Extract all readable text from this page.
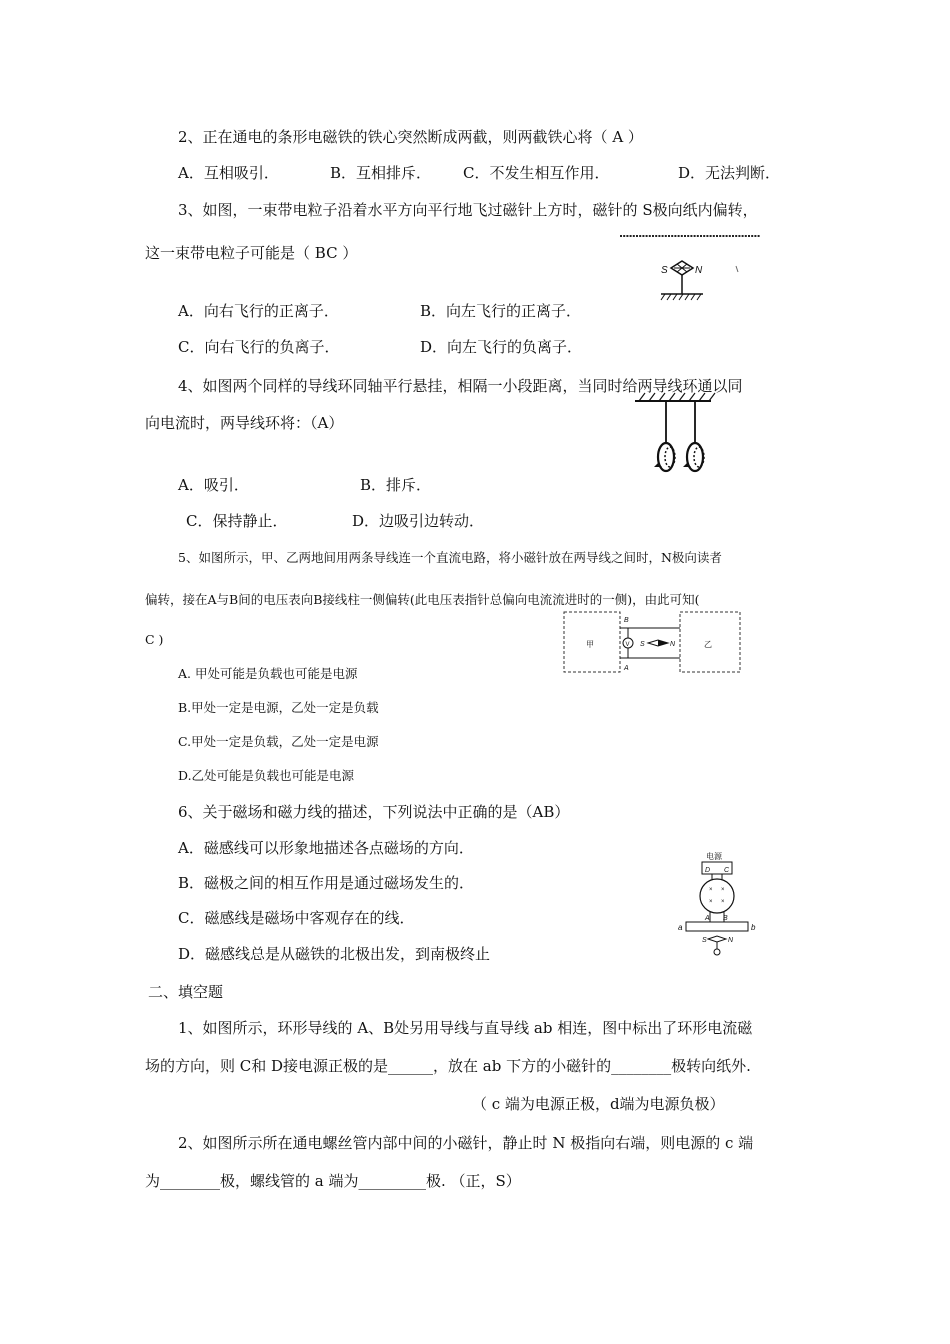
2、正在通电的条形电磁铁的铁心突然断成两截，则两截铁心将（ A ）
A．互相吸引．	B．互相排斥． C．不发生相互作用．	D．无法判断．
3、如图，一束带电粒子沿着水平方向平行地飞过磁针上方时，磁针的 S极向纸内偏转，
这一束带电粒子可能是（ BC ）
A．向右飞行的正离子．	B．向左飞行的正离子．
C．向右飞行的负离子．	D．向左飞行的负离子．
S	N
4、如图两个同样的导线环同轴平行悬挂，相隔一小段距离，当同时给两导线环通以同
向电流时，两导线环将：（A）
A．吸引．	B．排斥．
C．保持静止．	D．边吸引边转动．
5、如图所示，甲、乙两地间用两条导线连一个直流电路，将小磁针放在两导线之间时，N极向读者
偏转，接在A与B间的电压表向B接线柱一侧偏转(此电压表指针总偏向电流流进时的一侧)，由此可知(
C )
A. 甲处可能是负载也可能是电源
B.甲处一定是电源，乙处一定是负载
C.甲处一定是负载，乙处一定是电源
D.乙处可能是负载也可能是电源
甲	乙
V
B
A
S	N
6、关于磁场和磁力线的描述，下列说法中正确的是（AB）
A．磁感线可以形象地描述各点磁场的方向．
B．磁极之间的相互作用是通过磁场发生的．
C．磁感线是磁场中客观存在的线．
D．磁感线总是从磁铁的北极出发，到南极终止
电源
D C
× ×
× ×
A B
a	b
S	N
二、填空题
1、如图所示，环形导线的 A、B处另用导线与直导线 ab 相连，图中标出了环形电流磁
场的方向，则 C和 D接电源正极的是______，放在 ab 下方的小磁针的________极转向纸外.
（ c 端为电源正极，d端为电源负极）
2、如图所示所在通电螺丝管内部中间的小磁针，静止时 N 极指向右端，则电源的 c 端
为________极，螺线管的 a 端为_________极. （正，S）
